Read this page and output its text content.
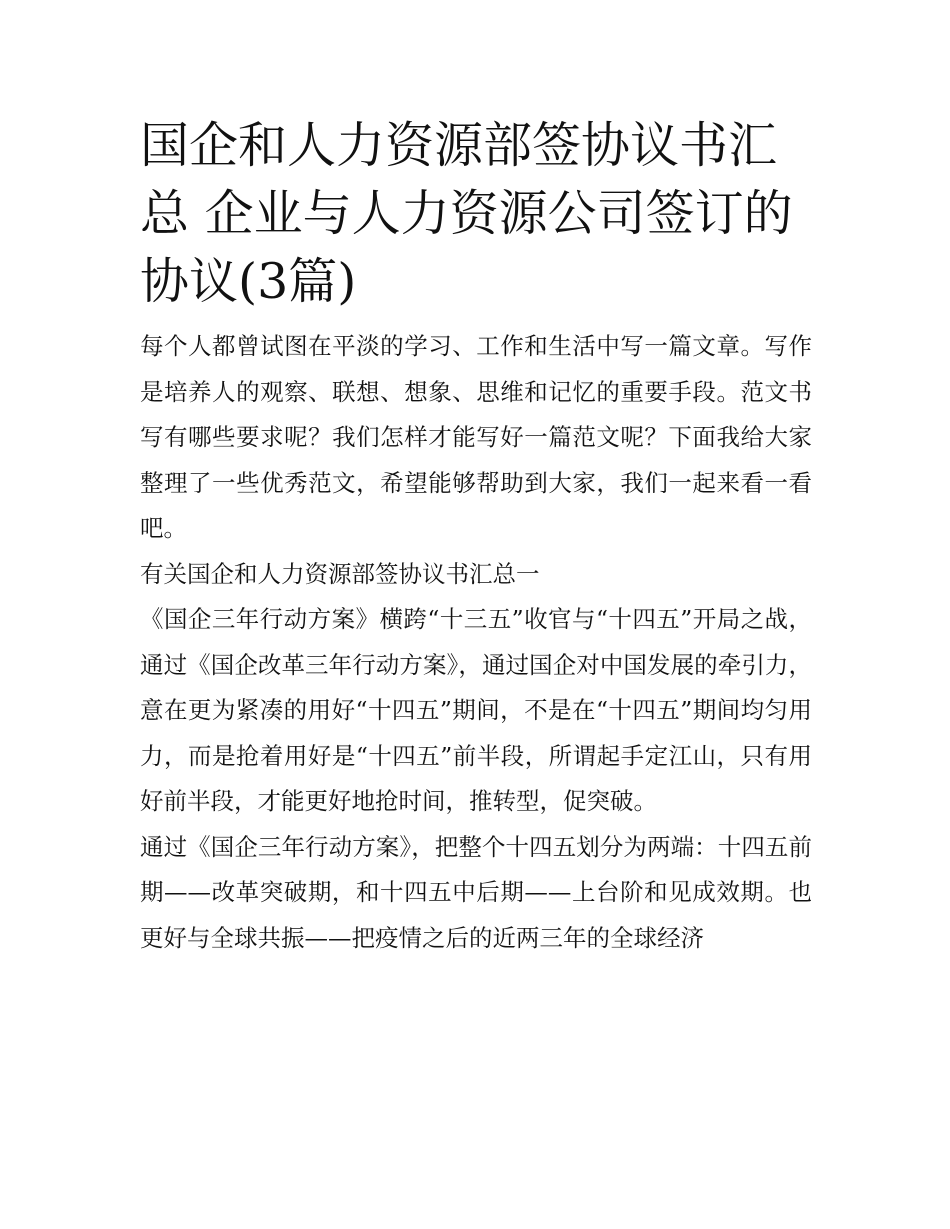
国企和人力资源部签协议书汇总 企业与人力资源公司签订的协议(3篇)

每个人都曾试图在平淡的学习、工作和生活中写一篇文章。写作是培养人的观察、联想、想象、思维和记忆的重要手段。范文书写有哪些要求呢？我们怎样才能写好一篇范文呢？下面我给大家整理了一些优秀范文，希望能够帮助到大家，我们一起来看一看吧。

有关国企和人力资源部签协议书汇总一

《国企三年行动方案》横跨“十三五”收官与“十四五”开局之战，通过《国企改革三年行动方案》，通过国企对中国发展的牵引力，意在更为紧凑的用好“十四五”期间，不是在“十四五”期间均匀用力，而是抢着用好是“十四五”前半段，所谓起手定江山，只有用好前半段，才能更好地抢时间，推转型，促突破。

通过《国企三年行动方案》，把整个十四五划分为两端：十四五前期——改革突破期，和十四五中后期——上台阶和见成效期。也更好与全球共振——把疫情之后的近两三年的全球经济
